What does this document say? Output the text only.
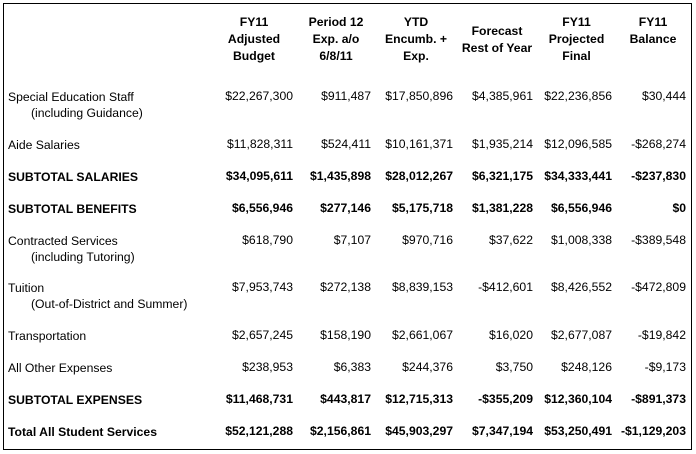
	FY11
Adjusted
Budget	Period 12
Exp. a/o
6/8/11	YTD
Encumb. +
Exp.	Forecast
Rest of Year	FY11
Projected
Final	FY11
Balance
Special Education Staff
(including Guidance)	$22,267,300	$911,487	$17,850,896	$4,385,961	$22,236,856	$30,444
Aide Salaries	$11,828,311	$524,411	$10,161,371	$1,935,214	$12,096,585	-$268,274
SUBTOTAL SALARIES	$34,095,611	$1,435,898	$28,012,267	$6,321,175	$34,333,441	-$237,830
SUBTOTAL BENEFITS	$6,556,946	$277,146	$5,175,718	$1,381,228	$6,556,946	$0
Contracted Services
(including Tutoring)	$618,790	$7,107	$970,716	$37,622	$1,008,338	-$389,548
Tuition
(Out-of-District and Summer)	$7,953,743	$272,138	$8,839,153	-$412,601	$8,426,552	-$472,809
Transportation	$2,657,245	$158,190	$2,661,067	$16,020	$2,677,087	-$19,842
All Other Expenses	$238,953	$6,383	$244,376	$3,750	$248,126	-$9,173
SUBTOTAL EXPENSES	$11,468,731	$443,817	$12,715,313	-$355,209	$12,360,104	-$891,373
Total All Student Services	$52,121,288	$2,156,861	$45,903,297	$7,347,194	$53,250,491	-$1,129,203
